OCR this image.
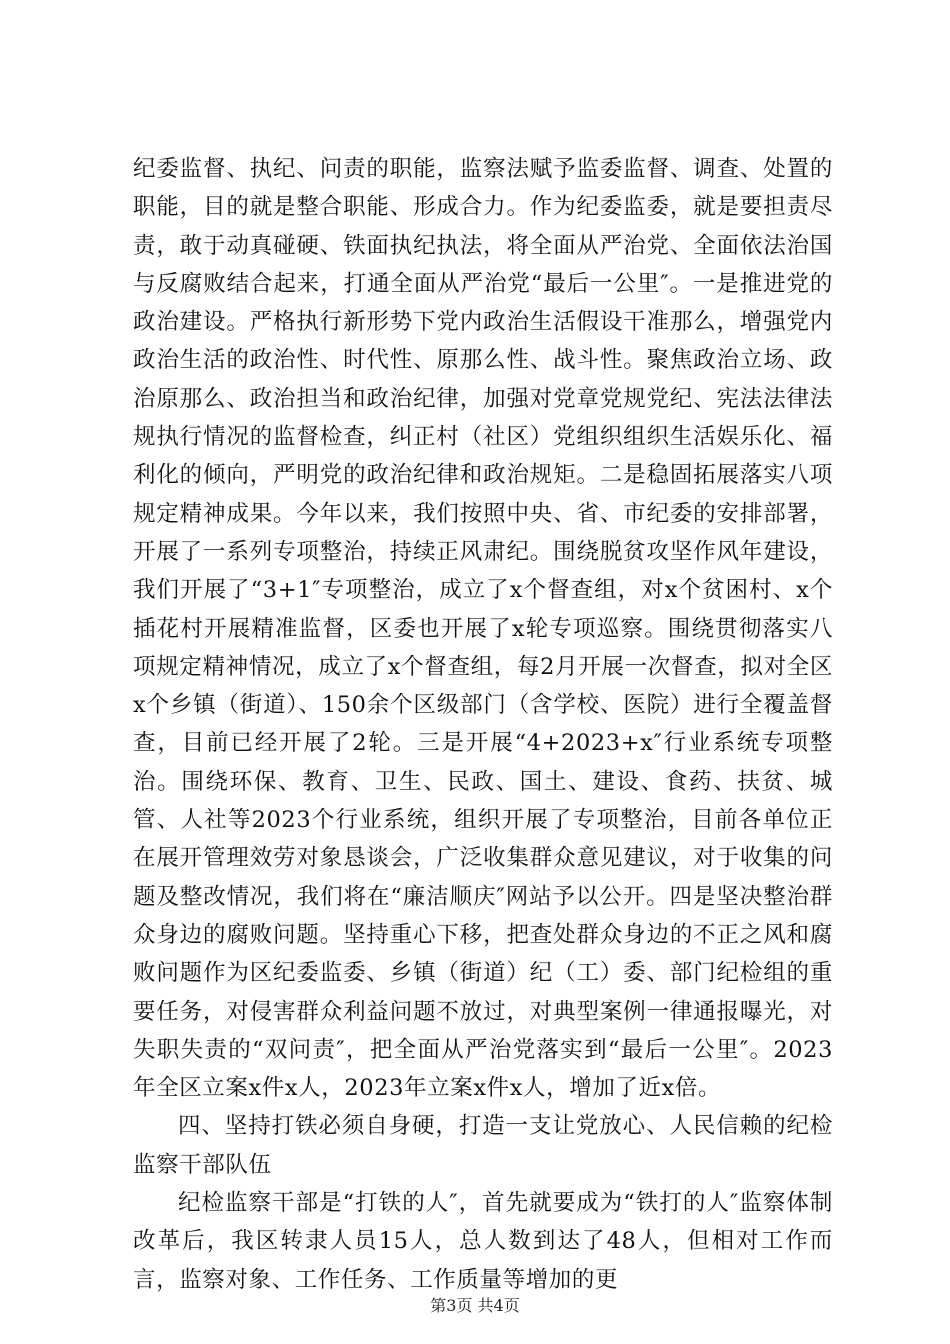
纪委监督、执纪、问责的职能，监察法赋予监委监督、调查、处置的职能，目的就是整合职能、形成合力。作为纪委监委，就是要担责尽责，敢于动真碰硬、铁面执纪执法，将全面从严治党、全面依法治国与反腐败结合起来，打通全面从严治党“最后一公里″。一是推进党的政治建设。严格执行新形势下党内政治生活假设干准那么，增强党内政治生活的政治性、时代性、原那么性、战斗性。聚焦政治立场、政治原那么、政治担当和政治纪律，加强对党章党规党纪、宪法法律法规执行情况的监督检查，纠正村（社区）党组织组织生活娱乐化、福利化的倾向，严明党的政治纪律和政治规矩。二是稳固拓展落实八项规定精神成果。今年以来，我们按照中央、省、市纪委的安排部署，开展了一系列专项整治，持续正风肃纪。围绕脱贫攻坚作风年建设，我们开展了“3+1″专项整治，成立了x个督查组，对x个贫困村、x个插花村开展精准监督，区委也开展了x轮专项巡察。围绕贯彻落实八项规定精神情况，成立了x个督查组，每2月开展一次督查，拟对全区x个乡镇（街道）、150余个区级部门（含学校、医院）进行全覆盖督查，目前已经开展了2轮。三是开展“4+2023+x″行业系统专项整治。围绕环保、教育、卫生、民政、国土、建设、食药、扶贫、城管、人社等2023个行业系统，组织开展了专项整治，目前各单位正在展开管理效劳对象恳谈会，广泛收集群众意见建议，对于收集的问题及整改情况，我们将在“廉洁顺庆″网站予以公开。四是坚决整治群众身边的腐败问题。坚持重心下移，把查处群众身边的不正之风和腐败问题作为区纪委监委、乡镇（街道）纪（工）委、部门纪检组的重要任务，对侵害群众利益问题不放过，对典型案例一律通报曝光，对失职失责的“双问责″，把全面从严治党落实到“最后一公里″。2023年全区立案x件x人，2023年立案x件x人，增加了近x倍。

四、坚持打铁必须自身硬，打造一支让党放心、人民信赖的纪检监察干部队伍

纪检监察干部是“打铁的人″，首先就要成为“铁打的人″监察体制改革后，我区转隶人员15人，总人数到达了48人，但相对工作而言，监察对象、工作任务、工作质量等增加的更

第3页 共4页
